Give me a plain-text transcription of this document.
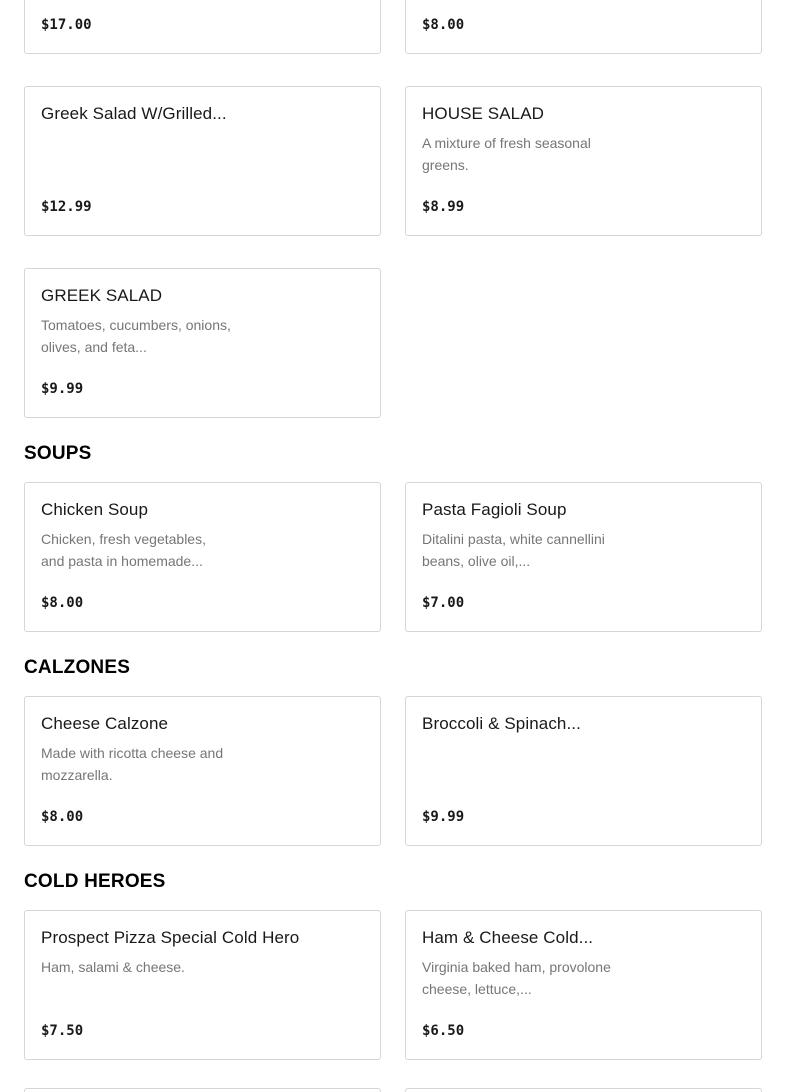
$17.00	$8.00
Greek Salad W/Grilled...
$12.99
HOUSE SALAD
A mixture of fresh seasonal greens.
$8.99
GREEK SALAD
Tomatoes, cucumbers, onions, olives, and feta...
$9.99
SOUPS
Chicken Soup
Chicken, fresh vegetables, and pasta in homemade...
$8.00
Pasta Fagioli Soup
Ditalini pasta, white cannellini beans, olive oil,...
$7.00
CALZONES
Cheese Calzone
Made with ricotta cheese and mozzarella.
$8.00
Broccoli & Spinach...
$9.99
COLD HEROES
Prospect Pizza Special Cold Hero
Ham, salami & cheese.
$7.50
Ham & Cheese Cold...
Virginia baked ham, provolone cheese, lettuce,...
$6.50
